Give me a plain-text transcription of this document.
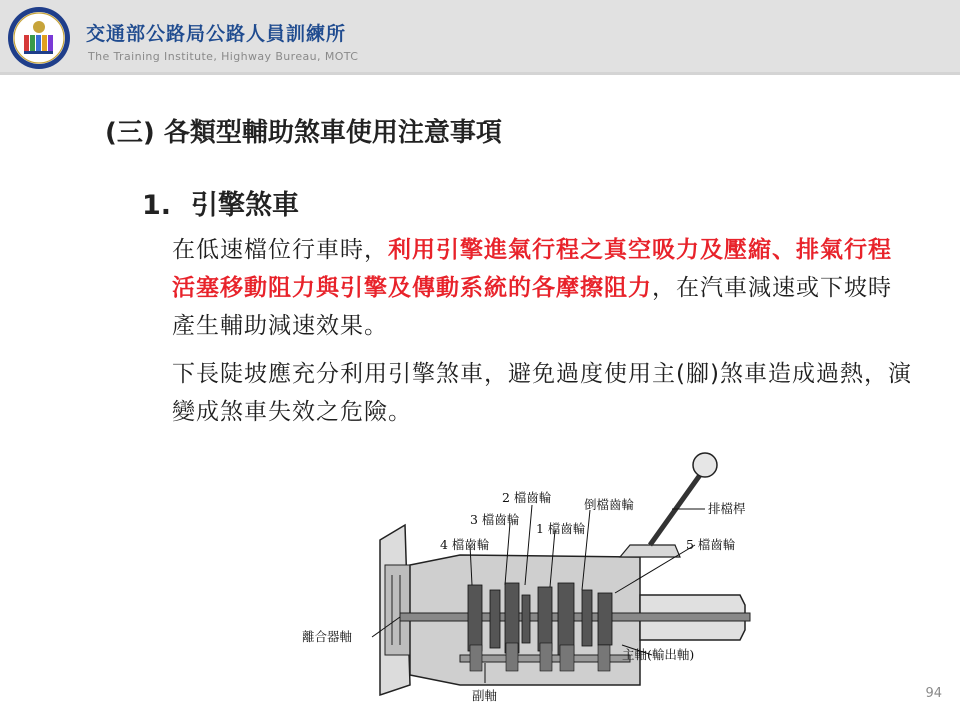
交通部公路局公路人員訓練所
The Training Institute, Highway Bureau, MOTC
(三) 各類型輔助煞車使用注意事項
1. 引擎煞車

在低速檔位行車時，利用引擎進氣行程之真空吸力及壓縮、排氣行程活塞移動阻力與引擎及傳動系統的各摩擦阻力，在汽車減速或下坡時產生輔助減速效果。

下長陡坡應充分利用引擎煞車，避免過度使用主(腳)煞車造成過熱，演變成煞車失效之危險。

2 檔齒輪	倒檔齒輪	排檔桿
3 檔齒輪
1 檔齒輪
4 檔齒輪	5 檔齒輪
離合器軸
主軸(輸出軸)
副軸	94
